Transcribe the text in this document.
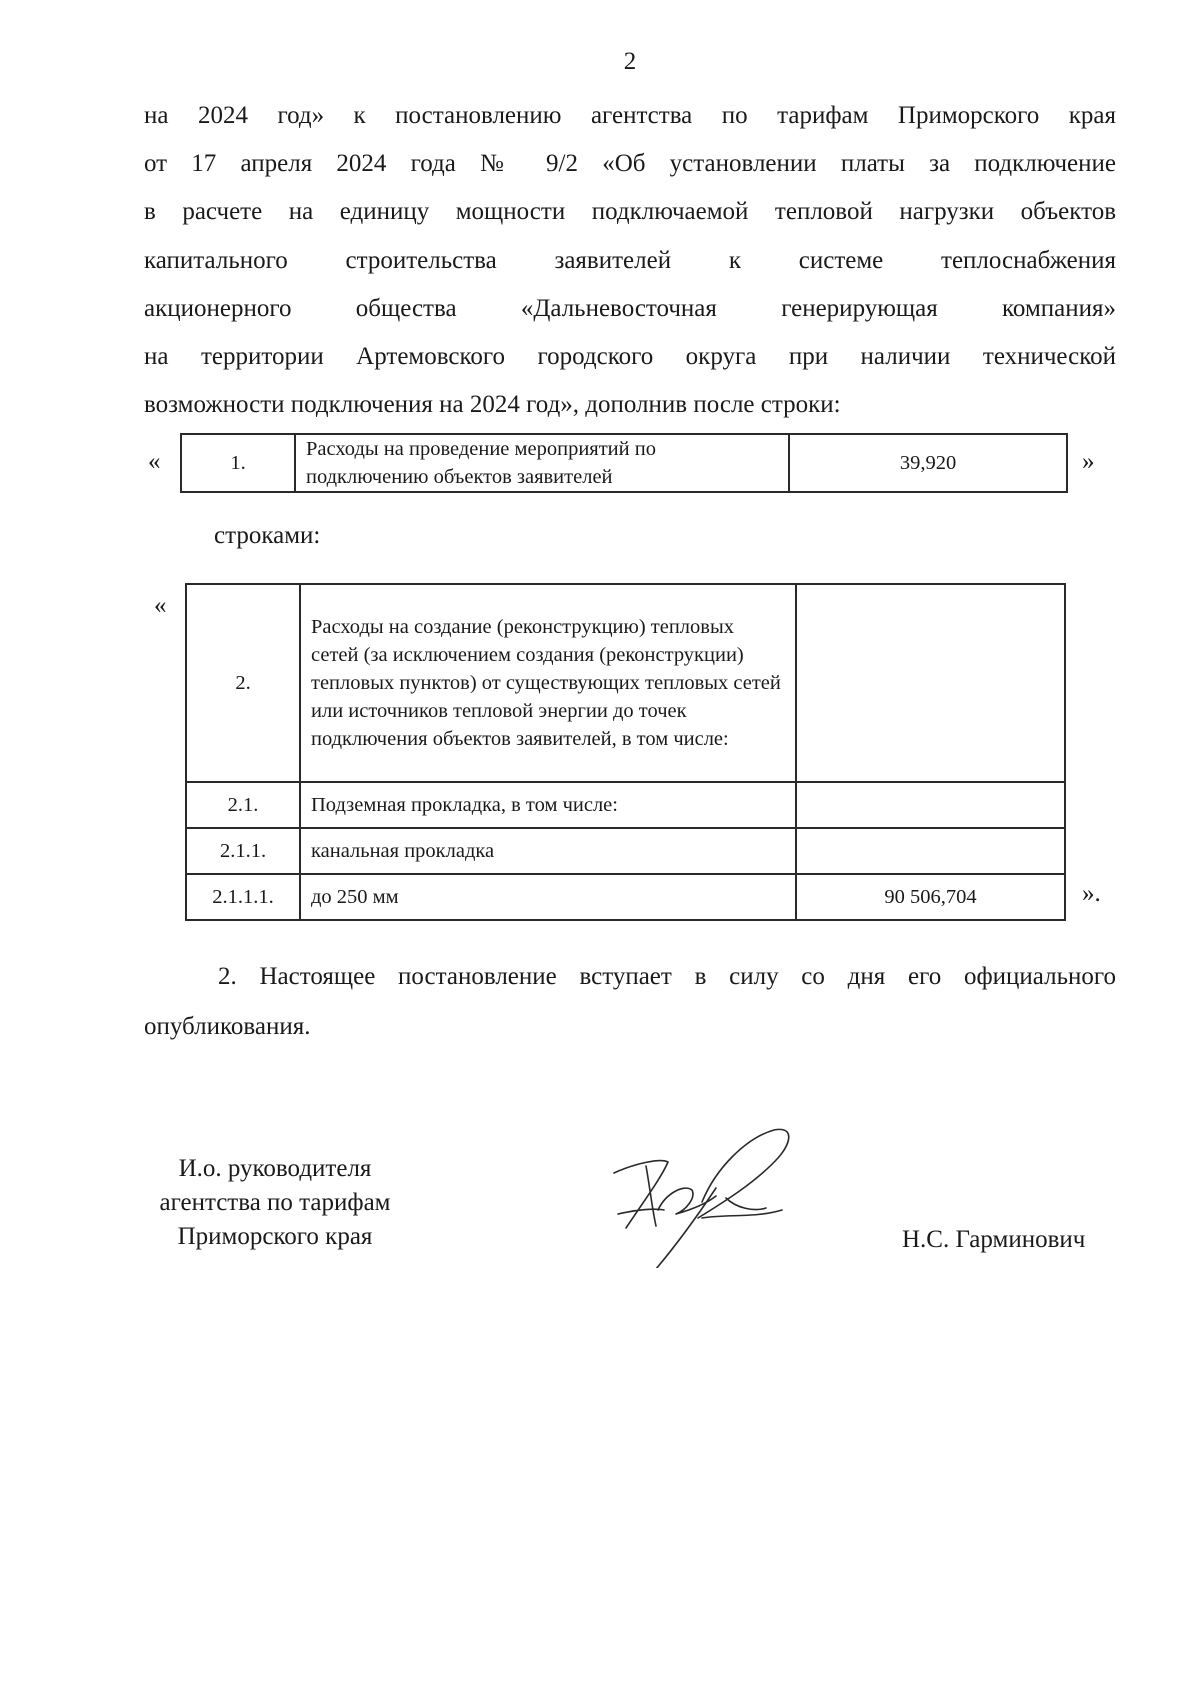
2

на 2024 год» к постановлению агентства по тарифам Приморского края
от 17 апреля 2024 года № 9/2 «Об установлении платы за подключение
в расчете на единицу мощности подключаемой тепловой нагрузки объектов
капитального строительства заявителей к системе теплоснабжения
акционерного общества «Дальневосточная генерирующая компания»
на территории Артемовского городского округа при наличии технической
возможности подключения на 2024 год», дополнив после строки:

«	1.	Расходы на проведение мероприятий по подключению объектов заявителей	39,920	»
строками:
«
2.	Расходы на создание (реконструкцию) тепловых сетей (за исключением создания (реконструкции) тепловых пунктов) от существующих тепловых сетей или источников тепловой энергии до точек подключения объектов заявителей, в том числе:	
2.1.	Подземная прокладка, в том числе:	
2.1.1.	канальная прокладка	
2.1.1.1.	до 250 мм	90 506,704	».

2. Настоящее постановление вступает в силу со дня его официального
опубликования.

И.о. руководителя
агентства по тарифам
Приморского края	Н.С. Гарминович
